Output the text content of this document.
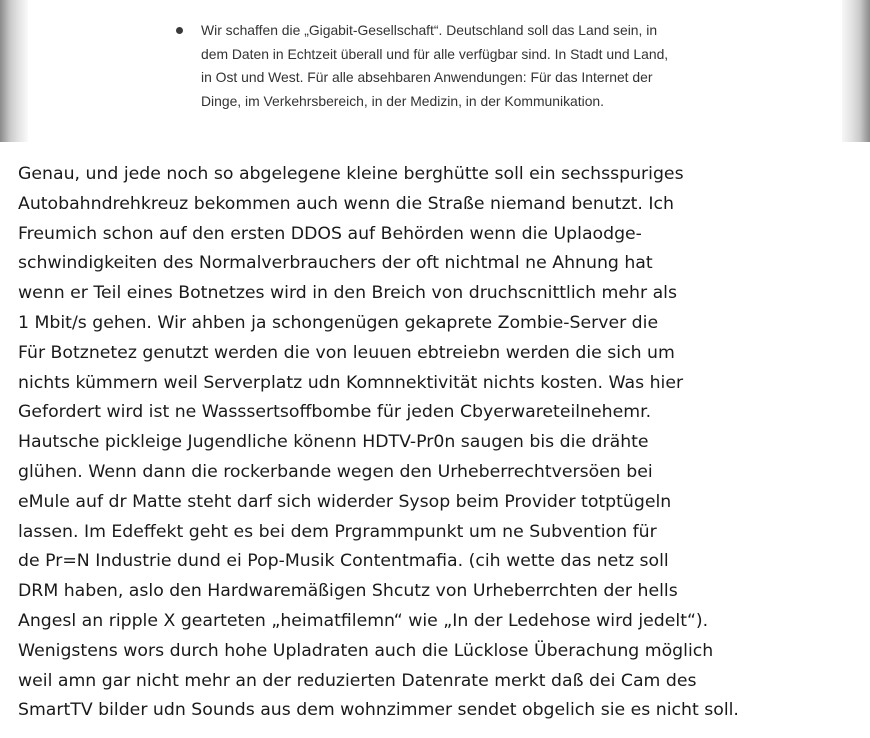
Wir schaffen die „Gigabit-Gesellschaft“. Deutschland soll das Land sein, in
dem Daten in Echtzeit überall und für alle verfügbar sind. In Stadt und Land,
in Ost und West. Für alle absehbaren Anwendungen: Für das Internet der
Dinge, im Verkehrsbereich, in der Medizin, in der Kommunikation.
Genau, und jede noch so abgelegene kleine berghütte soll ein sechsspuriges
Autobahndrehkreuz bekommen auch wenn die Straße niemand benutzt. Ich
Freumich schon auf den ersten DDOS auf Behörden wenn die Uplaodge-
schwindigkeiten des Normalverbrauchers der oft nichtmal ne Ahnung hat
wenn er Teil eines Botnetzes wird in den Breich von druchscnittlich mehr als
1 Mbit/s gehen. Wir ahben ja schongenügen gekaprete Zombie-Server die
Für Botznetez genutzt werden die von leuuen ebtreiebn werden die sich um
nichts kümmern weil Serverplatz udn Komnnektivität nichts kosten. Was hier
Gefordert wird ist ne Wasssertsoffbombe für jeden Cbyerwareteilnehemr.
Hautsche pickleige Jugendliche könenn HDTV-Pr0n saugen bis die drähte
glühen. Wenn dann die rockerbande wegen den Urheberrechtversöen bei
eMule auf dr Matte steht darf sich widerder Sysop beim Provider totptügeln
lassen. Im Edeffekt geht es bei dem Prgrammpunkt um ne Subvention für
de Pr=N Industrie dund ei Pop-Musik Contentmafia. (cih wette das netz soll
DRM haben, aslo den Hardwaremäßigen Shcutz von Urheberrchten der hells
Angesl an ripple X gearteten „heimatfilemn“ wie „In der Ledehose wird jedelt“).
Wenigstens wors durch hohe Upladraten auch die Lücklose Überachung möglich
weil amn gar nicht mehr an der reduzierten Datenrate merkt daß dei Cam des
SmartTV bilder udn Sounds aus dem wohnzimmer sendet obgelich sie es nicht soll.
